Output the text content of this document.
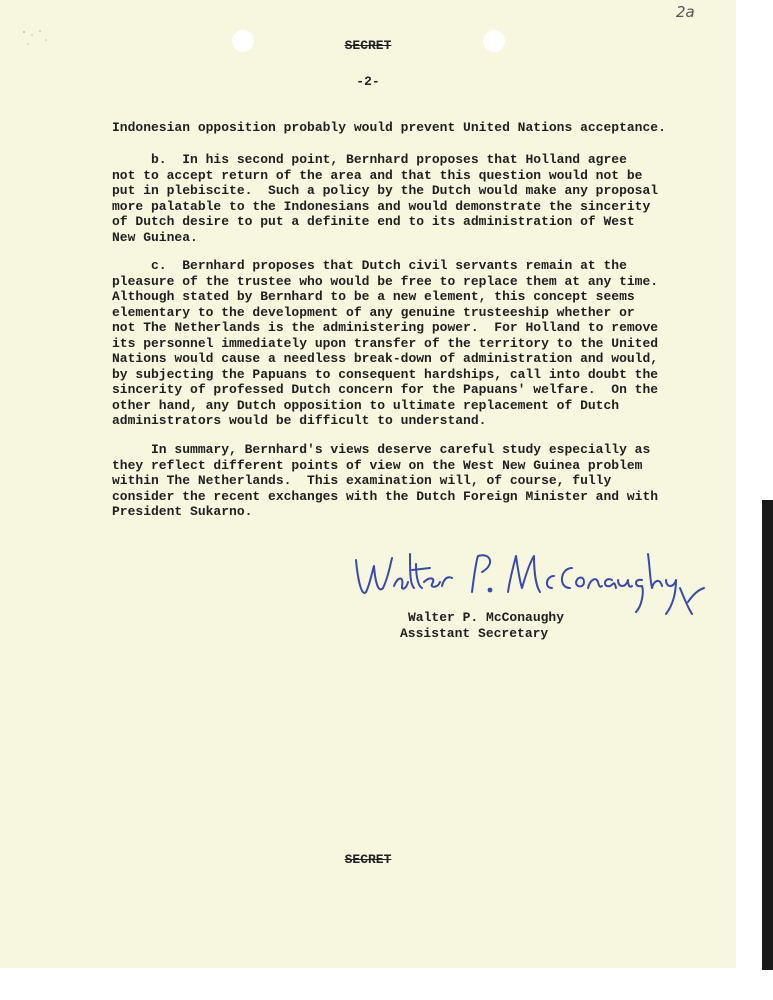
SECRET
-2-

Indonesian opposition probably would prevent United Nations acceptance.

b.  In his second point, Bernhard proposes that Holland agree
not to accept return of the area and that this question would not be
put in plebiscite.  Such a policy by the Dutch would make any proposal
more palatable to the Indonesians and would demonstrate the sincerity
of Dutch desire to put a definite end to its administration of West
New Guinea.

c.  Bernhard proposes that Dutch civil servants remain at the
pleasure of the trustee who would be free to replace them at any time.
Although stated by Bernhard to be a new element, this concept seems
elementary to the development of any genuine trusteeship whether or
not The Netherlands is the administering power.  For Holland to remove
its personnel immediately upon transfer of the territory to the United
Nations would cause a needless break-down of administration and would,
by subjecting the Papuans to consequent hardships, call into doubt the
sincerity of professed Dutch concern for the Papuans' welfare.  On the
other hand, any Dutch opposition to ultimate replacement of Dutch
administrators would be difficult to understand.

In summary, Bernhard's views deserve careful study especially as
they reflect different points of view on the West New Guinea problem
within The Netherlands.  This examination will, of course, fully
consider the recent exchanges with the Dutch Foreign Minister and with
President Sukarno.

Walter P. McConaughy
Assistant Secretary
SECRET
2a
